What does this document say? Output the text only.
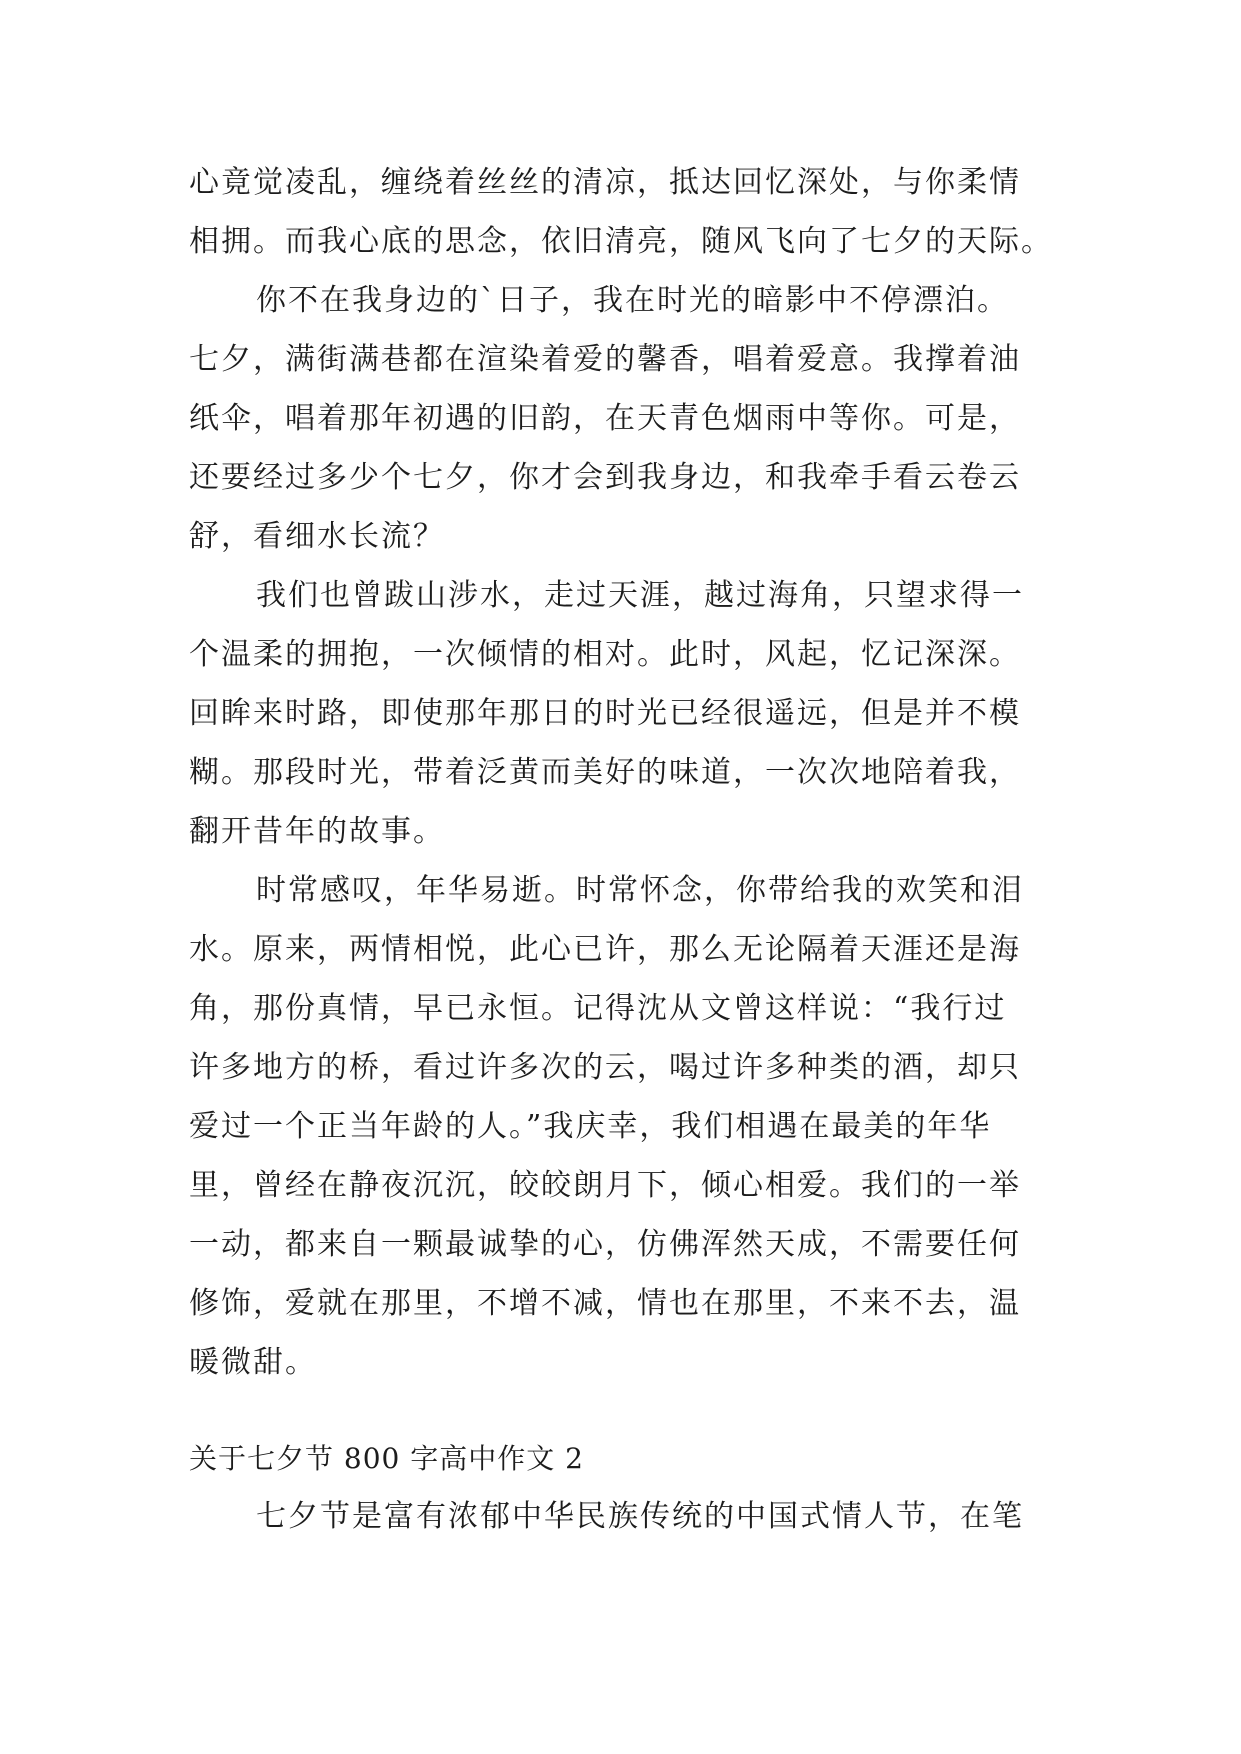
心竟觉凌乱，缠绕着丝丝的清凉，抵达回忆深处，与你柔情

相拥。而我心底的思念，依旧清亮，随风飞向了七夕的天际。

你不在我身边的`日子，我在时光的暗影中不停漂泊。

七夕，满街满巷都在渲染着爱的馨香，唱着爱意。我撑着油

纸伞，唱着那年初遇的旧韵，在天青色烟雨中等你。可是，

还要经过多少个七夕，你才会到我身边，和我牵手看云卷云

舒，看细水长流？

我们也曾跋山涉水，走过天涯，越过海角，只望求得一

个温柔的拥抱，一次倾情的相对。此时，风起，忆记深深。

回眸来时路，即使那年那日的时光已经很遥远，但是并不模

糊。那段时光，带着泛黄而美好的味道，一次次地陪着我，

翻开昔年的故事。

时常感叹，年华易逝。时常怀念，你带给我的欢笑和泪

水。原来，两情相悦，此心已许，那么无论隔着天涯还是海

角，那份真情，早已永恒。记得沈从文曾这样说：“我行过

许多地方的桥，看过许多次的云，喝过许多种类的酒，却只

爱过一个正当年龄的人。”我庆幸，我们相遇在最美的年华

里，曾经在静夜沉沉，皎皎朗月下，倾心相爱。我们的一举

一动，都来自一颗最诚挚的心，仿佛浑然天成，不需要任何

修饰，爱就在那里，不增不减，情也在那里，不来不去，温

暖微甜。

关于七夕节 800 字高中作文 2

七夕节是富有浓郁中华民族传统的中国式情人节，在笔
